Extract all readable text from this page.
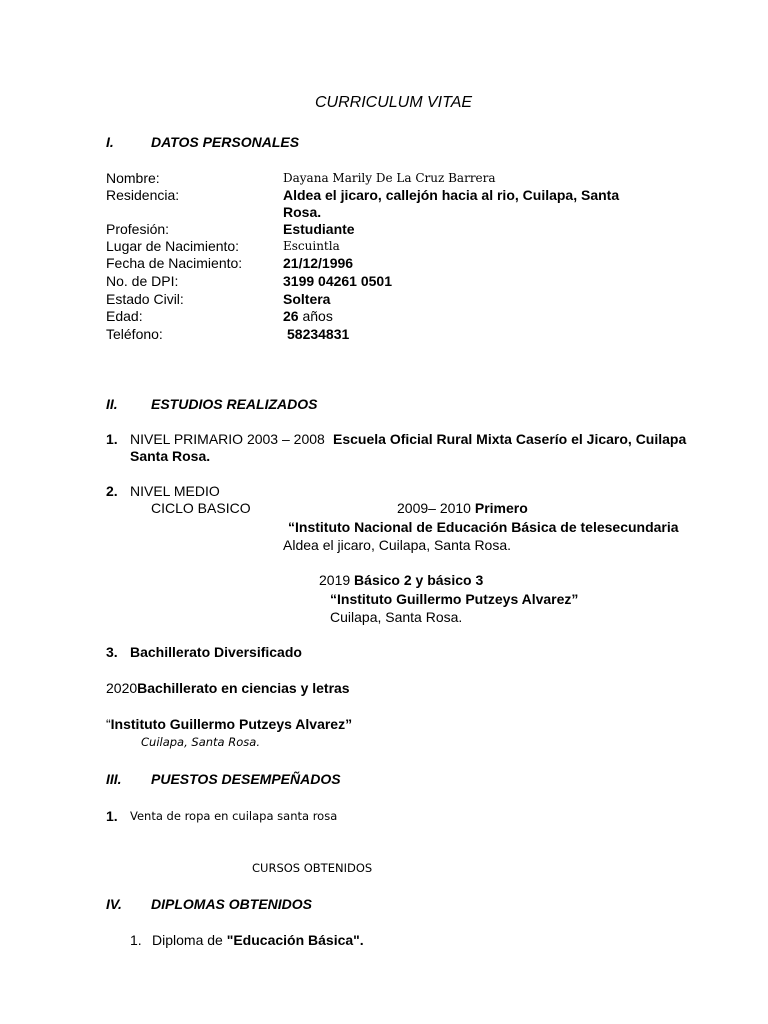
CURRICULUM VITAE
I.	DATOS PERSONALES
Nombre:	Dayana Marily De La Cruz Barrera
Residencia:	Aldea el jicaro, callejón hacia al rio, Cuilapa, Santa
Rosa.
Profesión:	Estudiante
Lugar de Nacimiento:	Escuintla
Fecha de Nacimiento:	21/12/1996
No. de DPI:	3199 04261 0501
Estado Civil:	Soltera
Edad:	26 años
Teléfono:	58234831
II. ESTUDIOS REALIZADOS
1. NIVEL PRIMARIO 2003 – 2008 Escuela Oficial Rural Mixta Caserío el Jicaro, Cuilapa
Santa Rosa.
2. NIVEL MEDIO
CICLO BASICO	2009– 2010 Primero
“Instituto Nacional de Educación Básica de telesecundaria
Aldea el jicaro, Cuilapa, Santa Rosa.
2019 Básico 2 y básico 3
“Instituto Guillermo Putzeys Alvarez”
Cuilapa, Santa Rosa.
3. Bachillerato Diversificado
2020Bachillerato en ciencias y letras
“Instituto Guillermo Putzeys Alvarez”
Cuilapa, Santa Rosa.
III. PUESTOS DESEMPEÑADOS
1. Venta de ropa en cuilapa santa rosa
CURSOS OBTENIDOS
IV. DIPLOMAS OBTENIDOS
1. Diploma de "Educación Básica".
